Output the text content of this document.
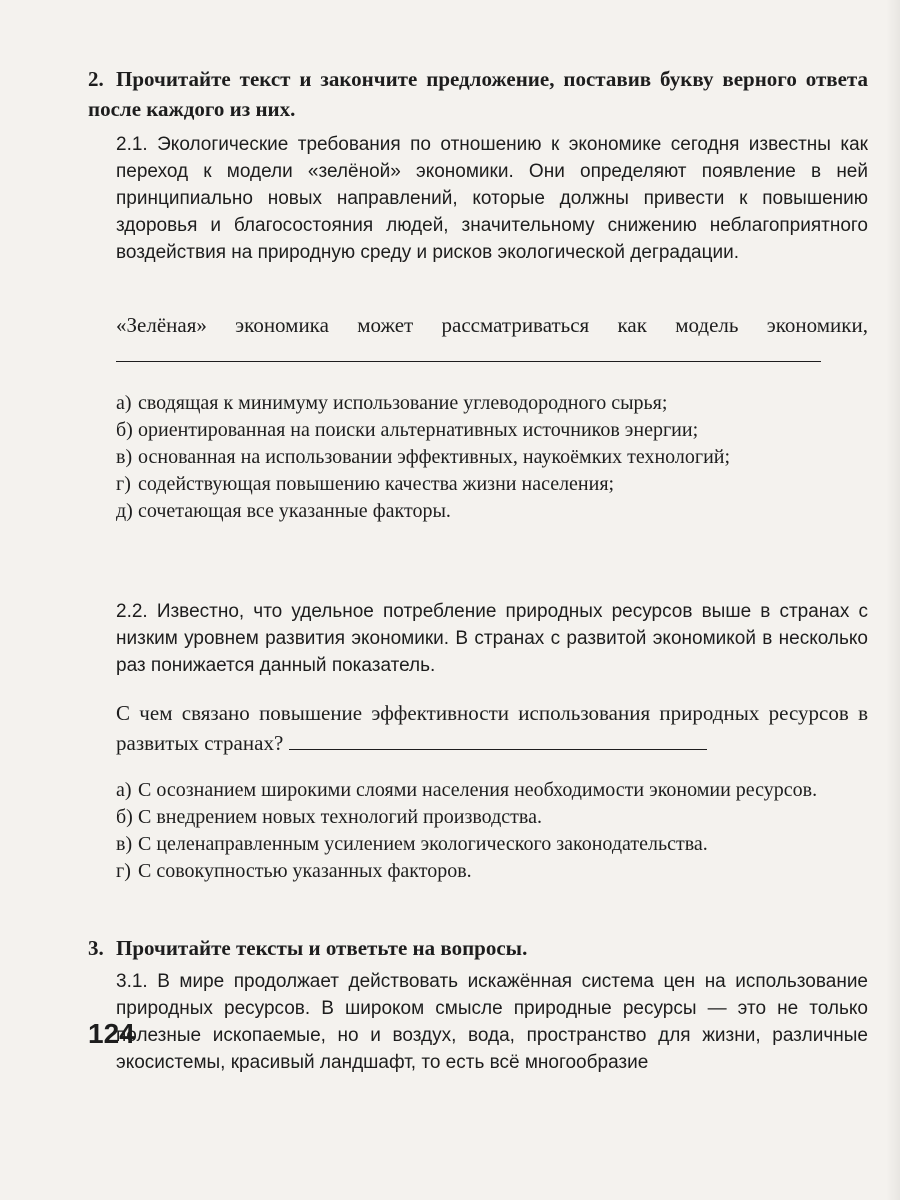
2. Прочитайте текст и закончите предложение, поставив букву верного ответа после каждого из них.
2.1. Экологические требования по отношению к экономике сегодня известны как переход к модели «зелёной» экономики. Они определяют появление в ней принципиально новых направлений, которые должны привести к повышению здоровья и благосостояния людей, значительному снижению неблагоприятного воздействия на природную среду и рисков экологической деградации.
«Зелёная» экономика может рассматриваться как модель экономики,
а) сводящая к минимуму использование углеводородного сырья;
б) ориентированная на поиски альтернативных источников энергии;
в) основанная на использовании эффективных, наукоёмких технологий;
г) содействующая повышению качества жизни населения;
д) сочетающая все указанные факторы.
2.2. Известно, что удельное потребление природных ресурсов выше в странах с низким уровнем развития экономики. В странах с развитой экономикой в несколько раз понижается данный показатель.
С чем связано повышение эффективности использования природных ресурсов в развитых странах?
а) С осознанием широкими слоями населения необходимости экономии ресурсов.
б) С внедрением новых технологий производства.
в) С целенаправленным усилением экологического законодательства.
г) С совокупностью указанных факторов.
3. Прочитайте тексты и ответьте на вопросы.
3.1. В мире продолжает действовать искажённая система цен на использование природных ресурсов. В широком смысле природные ресурсы — это не только полезные ископаемые, но и воздух, вода, пространство для жизни, различные экосистемы, красивый ландшафт, то есть всё многообразие
124
